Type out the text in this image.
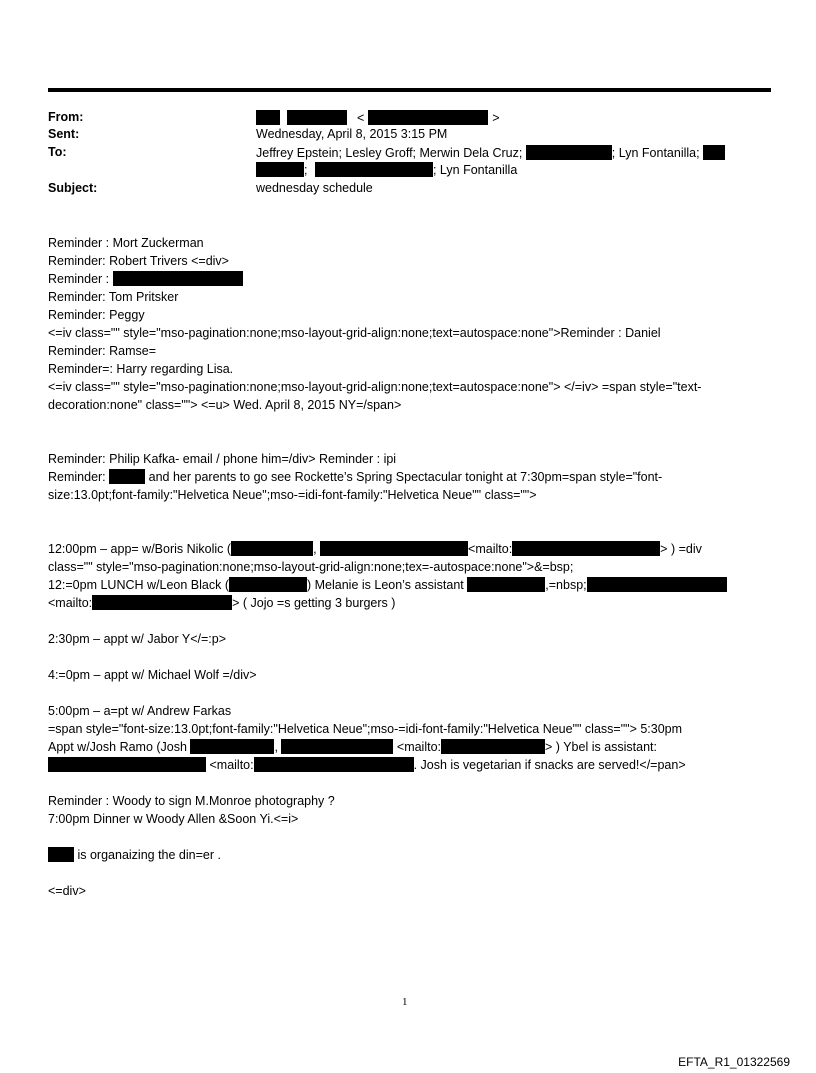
From:	<	>
Sent:	Wednesday, April 8, 2015 3:15 PM
To:	Jeffrey Epstein; Lesley Groff; Merwin Dela Cruz;	; Lyn Fontanilla;
;	; Lyn Fontanilla
Subject:	wednesday schedule
Reminder : Mort Zuckerman
Reminder: Robert Trivers <=div>
Reminder :
Reminder: Tom Pritsker
Reminder: Peggy
<=iv class="" style="mso-pagination:none;mso-layout-grid-align:none;text=autospace:none">Reminder : Daniel
Reminder: Ramse=
Reminder=: Harry regarding Lisa.
<=iv class="" style="mso-pagination:none;mso-layout-grid-align:none;text=autospace:none"> </=iv> =span style="text-
decoration:none" class=""> <=u> Wed. April 8, 2015 NY=/span>
Reminder: Philip Kafka- email / phone him=/div> Reminder : ipi
Reminder:	and her parents to go see Rockette’s Spring Spectacular tonight at 7:30pm=span style="font-
size:13.0pt;font-family:"Helvetica Neue";mso-=idi-font-family:"Helvetica Neue"" class="">
12:00pm – app= w/Boris Nikolic (	,	<mailto:	> ) =div
class="" style="mso-pagination:none;mso-layout-grid-align:none;tex=-autospace:none">&=bsp;
12:=0pm LUNCH w/Leon Black (	) Melanie is Leon’s assistant	,=nbsp;
<mailto:	> ( Jojo =s getting 3 burgers )
2:30pm – appt w/ Jabor Y</=:p>
4:=0pm – appt w/ Michael Wolf =/div>
5:00pm – a=pt w/ Andrew Farkas
=span style="font-size:13.0pt;font-family:"Helvetica Neue";mso-=idi-font-family:"Helvetica Neue"" class=""> 5:30pm
Appt w/Josh Ramo (Josh	,	<mailto:	> ) Ybel is assistant:
<mailto:	. Josh is vegetarian if snacks are served!</=pan>
Reminder : Woody to sign M.Monroe photography ?
7:00pm Dinner w Woody Allen &Soon Yi.<=i>
is organaizing the din=er .
<=div>
1
EFTA_R1_01322569
